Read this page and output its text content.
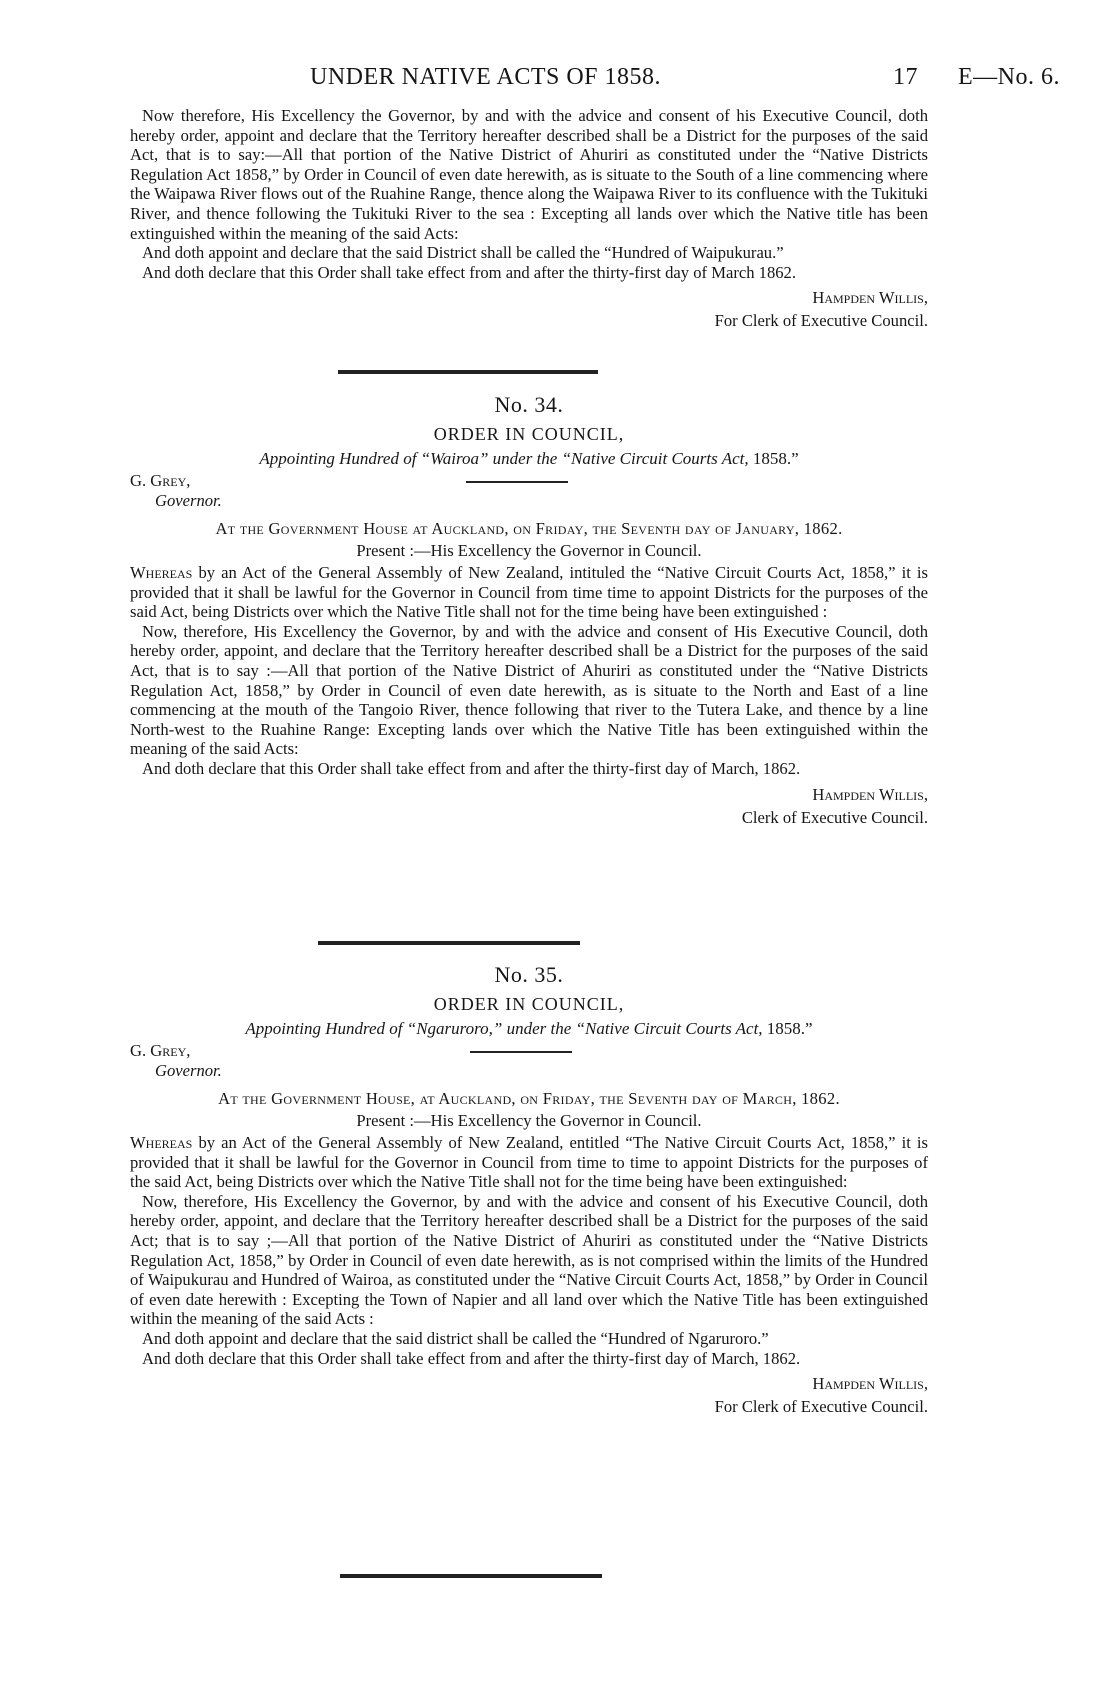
UNDER NATIVE ACTS OF 1858.	17 E—No. 6.

Now therefore, His Excellency the Governor, by and with the advice and consent of his Executive Council, doth hereby order, appoint and declare that the Territory hereafter described shall be a District for the purposes of the said Act, that is to say:—All that portion of the Native District of Ahuriri as constituted under the “Native Districts Regulation Act 1858,” by Order in Council of even date herewith, as is situate to the South of a line commencing where the Waipawa River flows out of the Ruahine Range, thence along the Waipawa River to its confluence with the Tukituki River, and thence following the Tukituki River to the sea : Excepting all lands over which the Native title has been extinguished within the meaning of the said Acts:

And doth appoint and declare that the said District shall be called the “Hundred of Waipukurau.”

And doth declare that this Order shall take effect from and after the thirty-first day of March 1862.

Hampden Willis,
For Clerk of Executive Council.
No. 34.
ORDER IN COUNCIL,
Appointing Hundred of “Wairoa” under the “Native Circuit Courts Act, 1858.”
G. Grey,
Governor.
At the Government House at Auckland, on Friday, the Seventh day of January, 1862.
Present :—His Excellency the Governor in Council.

Whereas by an Act of the General Assembly of New Zealand, intituled the “Native Circuit Courts Act, 1858,” it is provided that it shall be lawful for the Governor in Council from time time to appoint Districts for the purposes of the said Act, being Districts over which the Native Title shall not for the time being have been extinguished :

Now, therefore, His Excellency the Governor, by and with the advice and consent of His Executive Council, doth hereby order, appoint, and declare that the Territory hereafter described shall be a District for the purposes of the said Act, that is to say :—All that portion of the Native District of Ahuriri as constituted under the “Native Districts Regulation Act, 1858,” by Order in Council of even date herewith, as is situate to the North and East of a line commencing at the mouth of the Tangoio River, thence following that river to the Tutera Lake, and thence by a line North-west to the Ruahine Range: Excepting lands over which the Native Title has been extinguished within the meaning of the said Acts:

And doth declare that this Order shall take effect from and after the thirty-first day of March, 1862.

Hampden Willis,
Clerk of Executive Council.
No. 35.
ORDER IN COUNCIL,
Appointing Hundred of “Ngaruroro,” under the “Native Circuit Courts Act, 1858.”
G. Grey,
Governor.
At the Government House, at Auckland, on Friday, the Seventh day of March, 1862.
Present :—His Excellency the Governor in Council.

Whereas by an Act of the General Assembly of New Zealand, entitled “The Native Circuit Courts Act, 1858,” it is provided that it shall be lawful for the Governor in Council from time to time to appoint Districts for the purposes of the said Act, being Districts over which the Native Title shall not for the time being have been extinguished:

Now, therefore, His Excellency the Governor, by and with the advice and consent of his Executive Council, doth hereby order, appoint, and declare that the Territory hereafter described shall be a District for the purposes of the said Act; that is to say ;—All that portion of the Native District of Ahuriri as constituted under the “Native Districts Regulation Act, 1858,” by Order in Council of even date herewith, as is not comprised within the limits of the Hundred of Waipukurau and Hundred of Wairoa, as constituted under the “Native Circuit Courts Act, 1858,” by Order in Council of even date herewith : Excepting the Town of Napier and all land over which the Native Title has been extinguished within the meaning of the said Acts :

And doth appoint and declare that the said district shall be called the “Hundred of Ngaruroro.”

And doth declare that this Order shall take effect from and after the thirty-first day of March, 1862.

Hampden Willis,
For Clerk of Executive Council.
